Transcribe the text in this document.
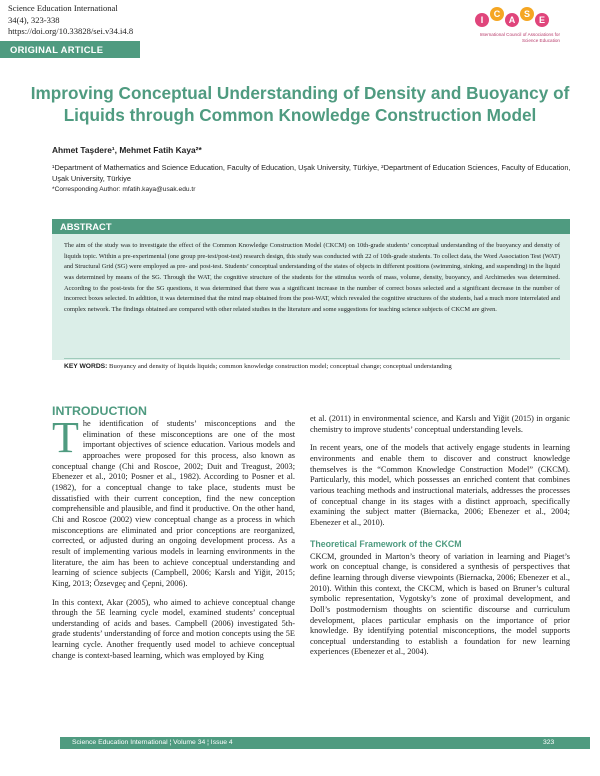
Science Education International
34(4), 323-338
https://doi.org/10.33828/sei.v34.i4.8
I
C
A
S
E
International Council of Associations for Science Education
ORIGINAL ARTICLE
Improving Conceptual Understanding of Density and Buoyancy of Liquids through Common Knowledge Construction Model
Ahmet Taşdere¹, Mehmet Fatih Kaya²*
¹Department of Mathematics and Science Education, Faculty of Education, Uşak University, Türkiye, ²Department of Education Sciences, Faculty of Education, Uşak University, Türkiye
*Corresponding Author: mfatih.kaya@usak.edu.tr
ABSTRACT
The aim of the study was to investigate the effect of the Common Knowledge Construction Model (CKCM) on 10th-grade students’ conceptual understanding of the buoyancy and density of liquids topic. Within a pre-experimental (one group pre-test/post-test) research design, this study was conducted with 22 of 10th-grade students. To collect data, the Word Association Test (WAT) and Structural Grid (SG) were employed as pre- and post-test. Students’ conceptual understanding of the states of objects in different positions (swimming, sinking, and suspending) in the liquid was determined by means of the SG. Through the WAT, the cognitive structure of the students for the stimulus words of mass, volume, density, buoyancy, and Archimedes was determined. According to the post-tests for the SG questions, it was determined that there was a significant increase in the number of correct boxes selected and a significant decrease in the number of incorrect boxes selected. In addition, it was determined that the mind map obtained from the post-WAT, which revealed the cognitive structures of the students, had a much more interrelated and complex network. The findings obtained are compared with other related studies in the literature and some suggestions for teaching science subjects of CKCM are given.
KEY WORDS: Buoyancy and density of liquids liquids; common knowledge construction model; conceptual change; conceptual understanding
INTRODUCTION

The identification of students’ misconceptions and the elimination of these misconceptions are one of the most important objectives of science education. Various models and approaches were proposed for this process, also known as conceptual change (Chi and Roscoe, 2002; Duit and Treagust, 2003; Ebenezer et al., 2010; Posner et al., 1982). According to Posner et al. (1982), for a conceptual change to take place, students must be dissatisfied with their current conception, find the new conception comprehensible and plausible, and find it productive. On the other hand, Chi and Roscoe (2002) view conceptual change as a process in which misconceptions are eliminated and prior conceptions are reorganized, corrected, or adjusted during an ongoing development process. As a result of implementing various models in learning environments in the literature, the aim has been to achieve conceptual understanding and learning of science subjects (Campbell, 2006; Karslı and Yiğit, 2015; King, 2013; Özsevgeç and Çepni, 2006).

In this context, Akar (2005), who aimed to achieve conceptual change through the 5E learning cycle model, examined students’ conceptual understanding of acids and bases. Campbell (2006) investigated 5th-grade students’ understanding of force and motion concepts using the 5E learning cycle. Another frequently used model to achieve conceptual change is context-based learning, which was employed by King

et al. (2011) in environmental science, and Karslı and Yiğit (2015) in organic chemistry to improve students’ conceptual understanding levels.

In recent years, one of the models that actively engage students in learning environments and enable them to discover and construct knowledge themselves is the “Common Knowledge Construction Model” (CKCM). Particularly, this model, which possesses an enriched content that combines various teaching methods and instructional materials, addresses the processes of conceptual change in its stages with a distinct approach, specifically examining the subject matter (Biernacka, 2006; Ebenezer et al., 2004; Ebenezer et al., 2010).

Theoretical Framework of the CKCM

CKCM, grounded in Marton’s theory of variation in learning and Piaget’s work on conceptual change, is considered a synthesis of perspectives that define learning through diverse viewpoints (Biernacka, 2006; Ebenezer et al., 2010). Within this context, the CKCM, which is based on Bruner’s cultural symbolic representation, Vygotsky’s zone of proximal development, and Doll’s postmodernism thoughts on scientific discourse and curriculum development, places particular emphasis on the importance of prior knowledge. By identifying potential misconceptions, the model supports conceptual understanding to establish a foundation for new learning experiences (Ebenezer et al., 2004).

Science Education International ¦ Volume 34 ¦ Issue 4	323
